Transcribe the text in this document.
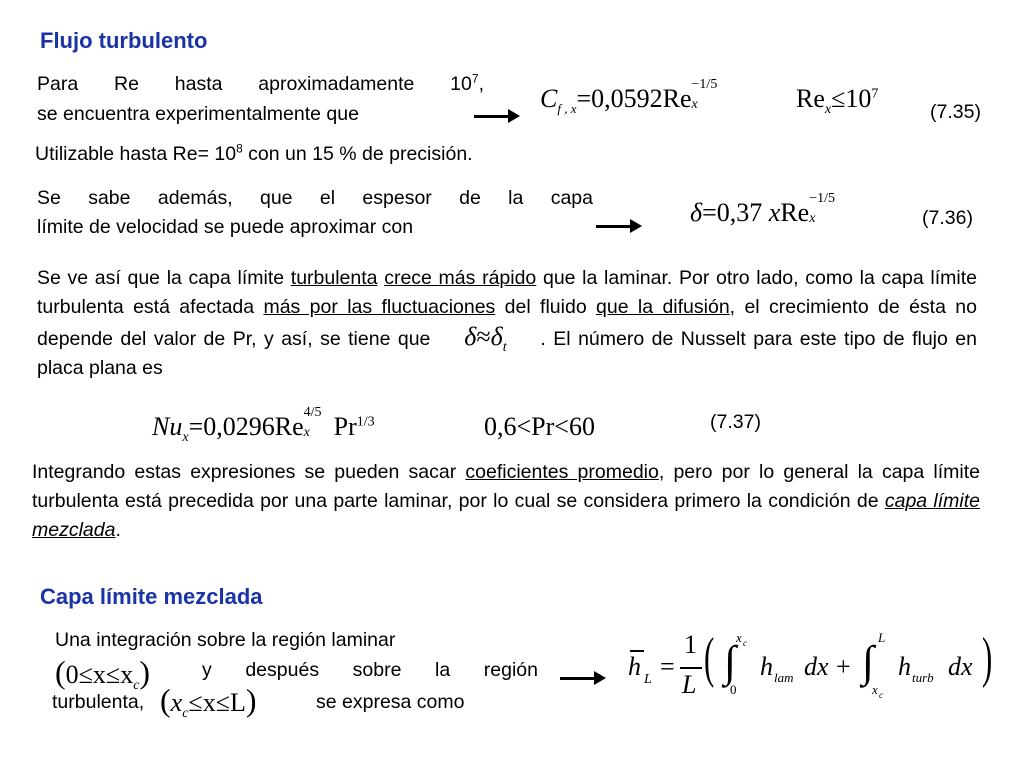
Flujo turbulento
Para Re hasta aproximadamente $10^7$,
se encuentra experimentalmente que
$C_{f , x}=0,0592Re -1/5$
x	$Re_x\le 10^7$
(7.35)
Utilizable hasta $Re= 10^8$ con un 15 % de precisión.
Se sabe además, que el espesor de la capa
límite de velocidad se puede aproximar con	δ=0,37 xRe −1/5
x	(7.36)
Se ve así que la capa límite turbulenta crece más rápido que la laminar. Por otro lado, como la capa límite turbulenta está afectada más por las fluctuaciones del fluido que la difusión, el crecimiento de ésta no depende del valor de Pr, y así, se tiene que $\delta\approx\delta_t$ . El número de Nusselt para este tipo de flujo en placa plana es
$Nu_x=0,0296Re$ 4/5
x $Pr^{1/3}$	0,6<Pr<60	(7.37)
Integrando estas expresiones se pueden sacar coeficientes promedio, pero por lo general la capa límite turbulenta está precedida por una parte laminar, por lo cual se considera primero la condición de capa límite mezclada.
Capa límite mezclada
Una integración sobre la región laminar
$(0\le x\le x_c)$	y después sobre la región
turbulenta, $(x_c\le x\le L)$	se expresa como
h L =
1
L ( ∫ x c
0
h lam dx + ∫ L
x c
h turb dx )
